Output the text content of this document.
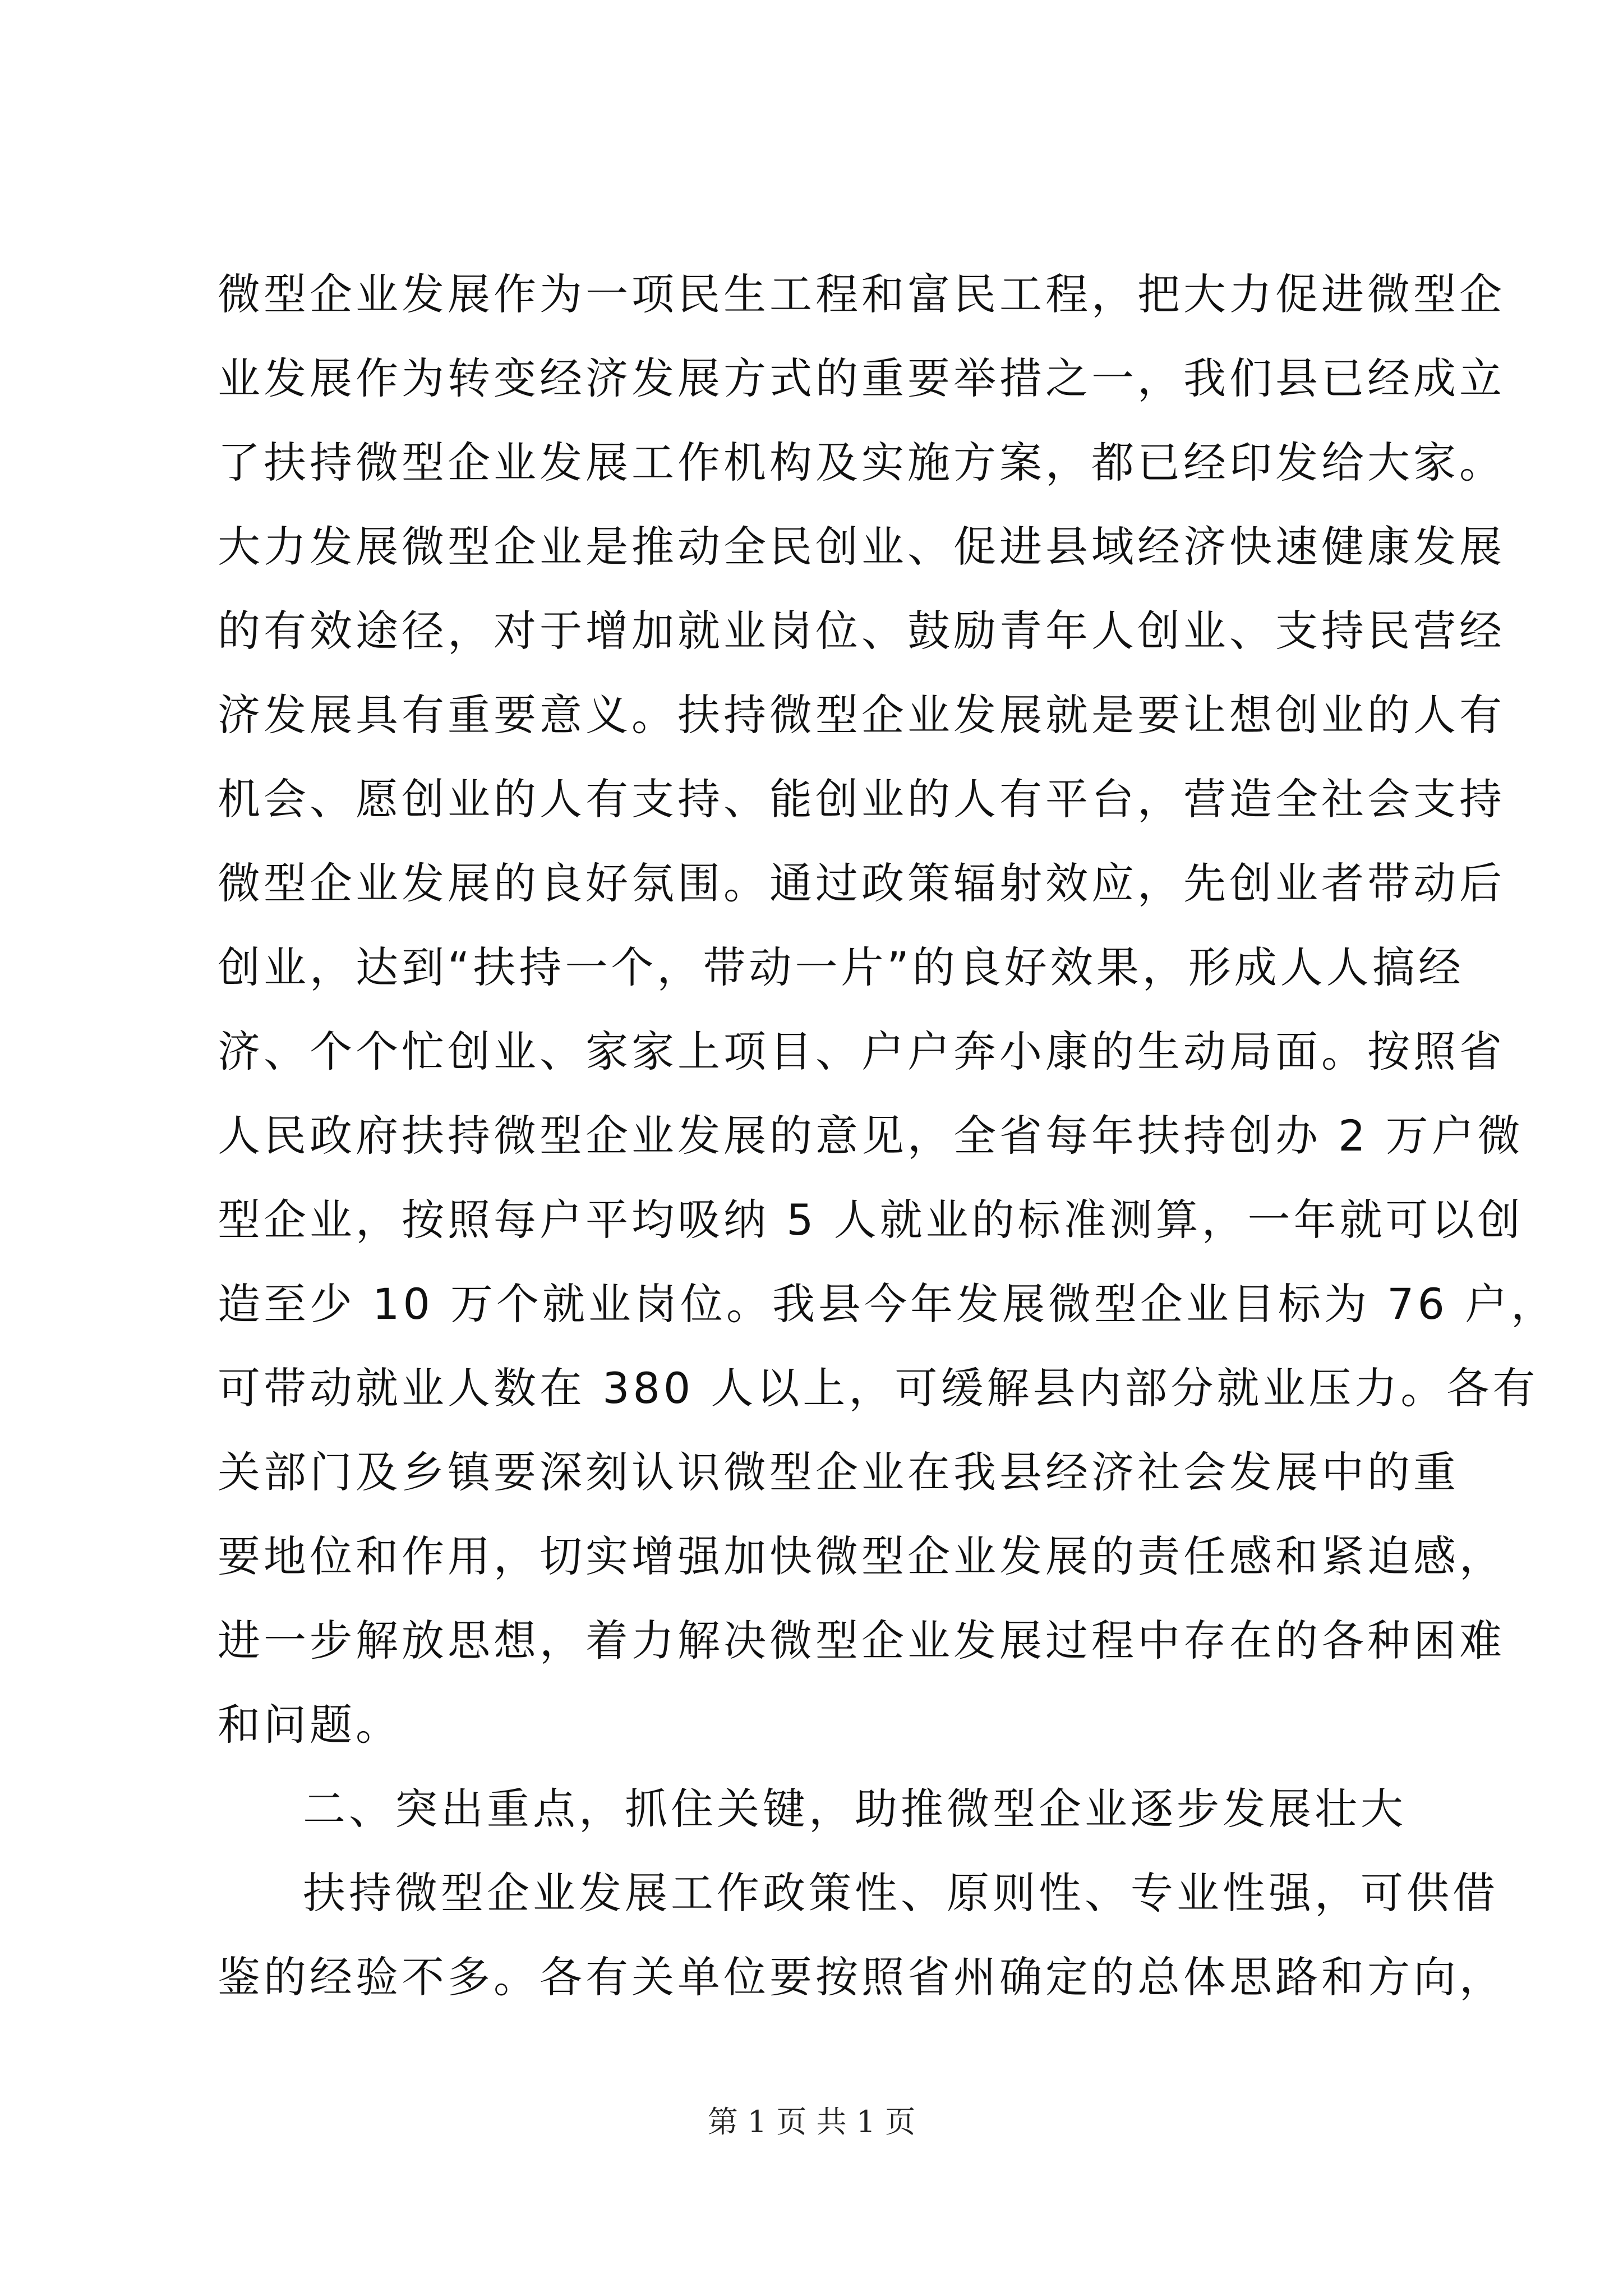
微型企业发展作为一项民生工程和富民工程，把大力促进微型企
业发展作为转变经济发展方式的重要举措之一，我们县已经成立
了扶持微型企业发展工作机构及实施方案，都已经印发给大家。
大力发展微型企业是推动全民创业、促进县域经济快速健康发展
的有效途径，对于增加就业岗位、鼓励青年人创业、支持民营经
济发展具有重要意义。扶持微型企业发展就是要让想创业的人有
机会、愿创业的人有支持、能创业的人有平台，营造全社会支持
微型企业发展的良好氛围。通过政策辐射效应，先创业者带动后
创业，达到“扶持一个，带动一片”的良好效果，形成人人搞经
济、个个忙创业、家家上项目、户户奔小康的生动局面。按照省
人民政府扶持微型企业发展的意见，全省每年扶持创办 2 万户微
型企业，按照每户平均吸纳 5 人就业的标准测算，一年就可以创
造至少 10 万个就业岗位。我县今年发展微型企业目标为 76 户，
可带动就业人数在 380 人以上，可缓解县内部分就业压力。各有
关部门及乡镇要深刻认识微型企业在我县经济社会发展中的重
要地位和作用，切实增强加快微型企业发展的责任感和紧迫感，
进一步解放思想，着力解决微型企业发展过程中存在的各种困难
和问题。
二、突出重点，抓住关键，助推微型企业逐步发展壮大
扶持微型企业发展工作政策性、原则性、专业性强，可供借
鉴的经验不多。各有关单位要按照省州确定的总体思路和方向，
第 1 页 共 1 页
